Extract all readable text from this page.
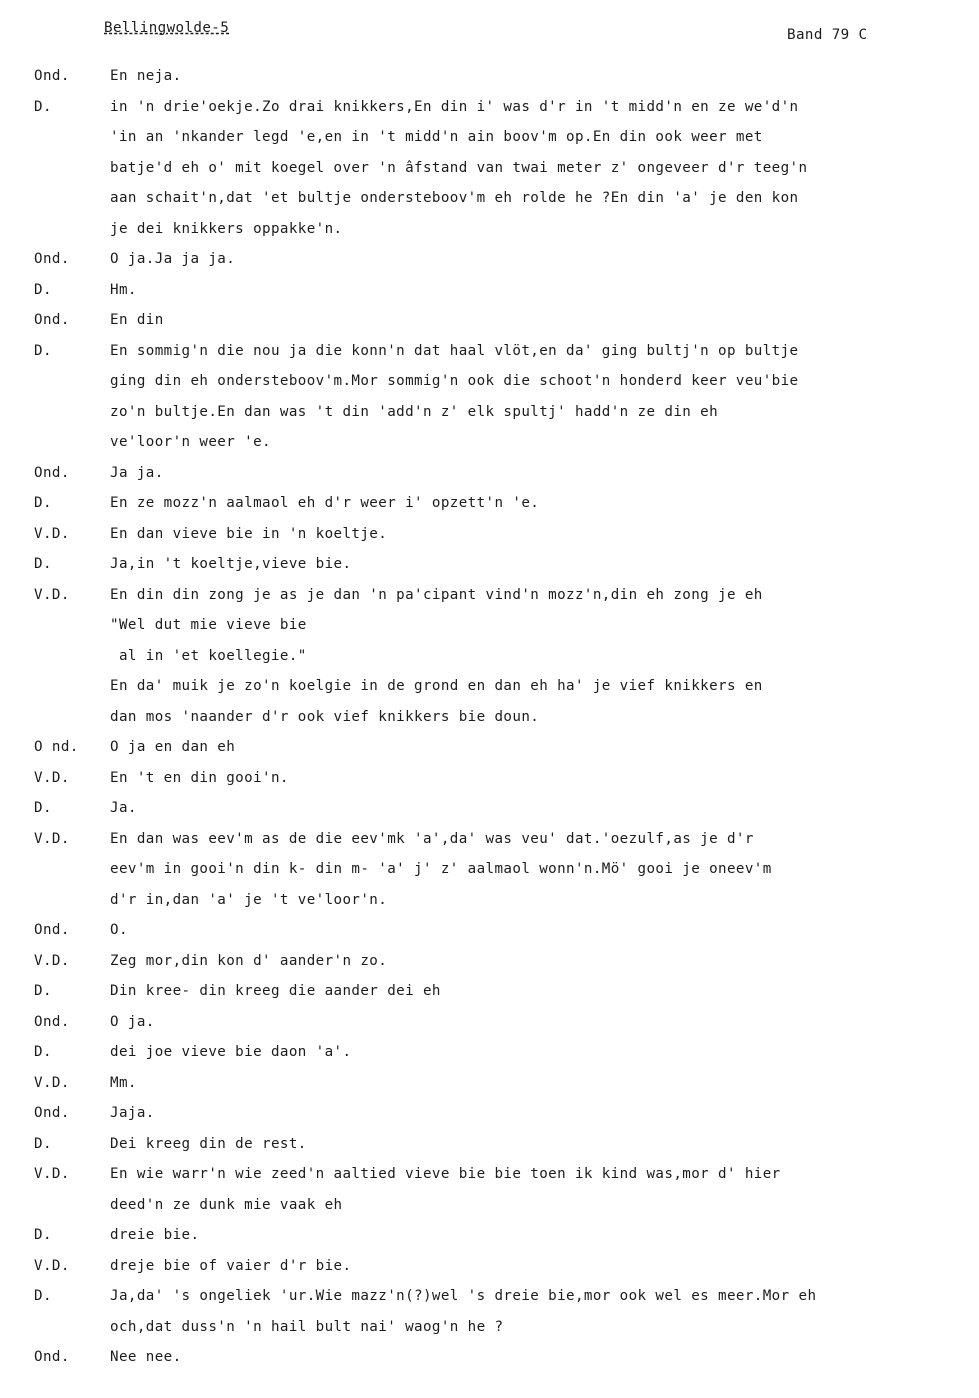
Bellingwolde-5	Band 79 C
Ond.	En neja.
D.	in 'n drie'oekje.Zo drai knikkers,En din i' was d'r in 't midd'n en ze we'd'n
'in an 'nkander legd 'e,en in 't midd'n ain boov'm op.En din ook weer met
batje'd eh o' mit koegel over 'n âfstand van twai meter z' ongeveer d'r teeg'n
aan schait'n,dat 'et bultje ondersteboov'm eh rolde he ?En din 'a' je den kon
je dei knikkers oppakke'n.
Ond.	O ja.Ja ja ja.
D.	Hm.
Ond.	En din
D.	En sommig'n die nou ja die konn'n dat haal vlöt,en da' ging bultj'n op bultje
ging din eh ondersteboov'm.Mor sommig'n ook die schoot'n honderd keer veu'bie
zo'n bultje.En dan was 't din 'add'n z' elk spultj' hadd'n ze din eh
ve'loor'n weer 'e.
Ond.	Ja ja.
D.	En ze mozz'n aalmaol eh d'r weer i' opzett'n 'e.
V.D.	En dan vieve bie in 'n koeltje.
D.	Ja,in 't koeltje,vieve bie.
V.D.	En din din zong je as je dan 'n pa'cipant vind'n mozz'n,din eh zong je eh
"Wel dut mie vieve bie
al in 'et koellegie."
En da' muik je zo'n koelgie in de grond en dan eh ha' je vief knikkers en
dan mos 'naander d'r ook vief knikkers bie doun.
O nd.	O ja en dan eh
V.D.	En 't en din gooi'n.
D.	Ja.
V.D.	En dan was eev'm as de die eev'mk 'a',da' was veu' dat.'oezulf,as je d'r
eev'm in gooi'n din k- din m- 'a' j' z' aalmaol wonn'n.Mö' gooi je oneev'm
d'r in,dan 'a' je 't ve'loor'n.
Ond.	O.
V.D.	Zeg mor,din kon d' aander'n zo.
D.	Din kree- din kreeg die aander dei eh
Ond.	O ja.
D.	dei joe vieve bie daon 'a'.
V.D.	Mm.
Ond.	Jaja.
D.	Dei kreeg din de rest.
V.D.	En wie warr'n wie zeed'n aaltied vieve bie bie toen ik kind was,mor d' hier
deed'n ze dunk mie vaak eh
D.	dreie bie.
V.D.	dreje bie of vaier d'r bie.
D.	Ja,da' 's ongeliek 'ur.Wie mazz'n(?)wel 's dreie bie,mor ook wel es meer.Mor eh
och,dat duss'n 'n hail bult nai' waog'n he ?
Ond.	Nee nee.
